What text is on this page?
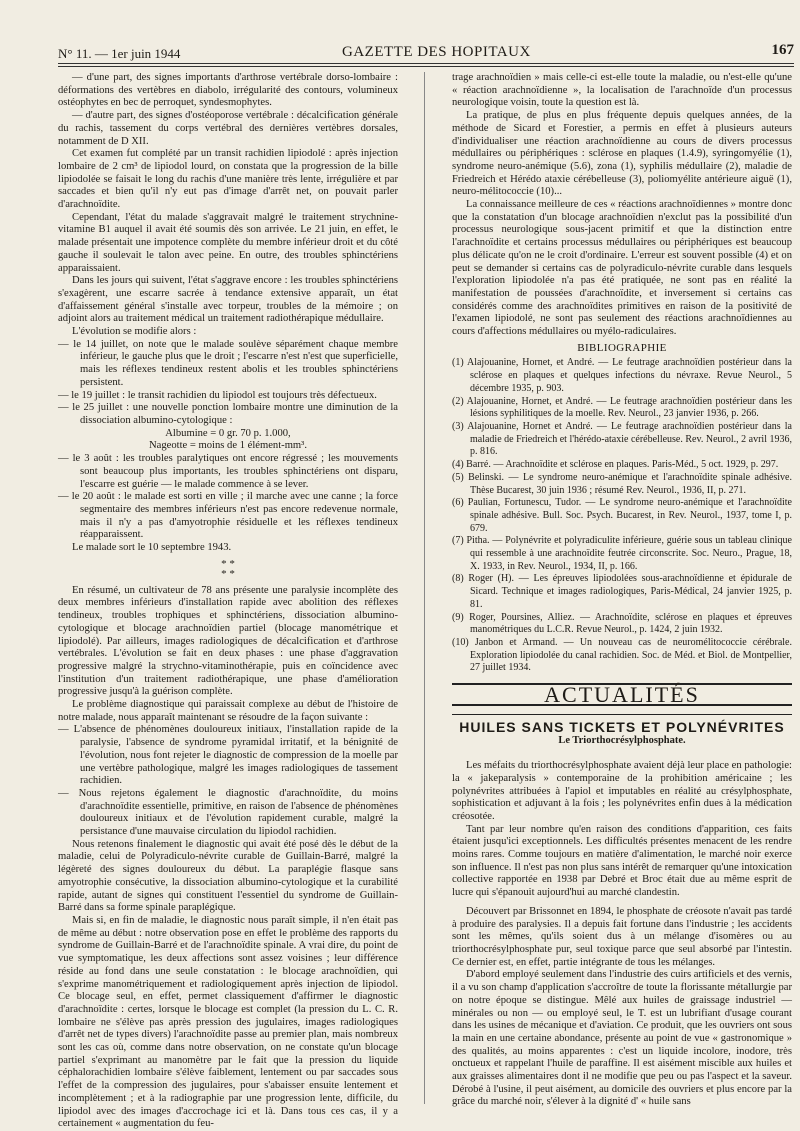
N° 11. — 1er juin 1944	GAZETTE DES HOPITAUX	167

— d'une part, des signes importants d'arthrose vertébrale dorso-lombaire : déformations des vertèbres en diabolo, irrégularité des contours, volumineux ostéophytes en bec de perroquet, syndesmophytes.

— d'autre part, des signes d'ostéoporose vertébrale : décalcification générale du rachis, tassement du corps vertébral des dernières vertèbres dorsales, notamment de D XII.

Cet examen fut complété par un transit rachidien lipiodolé : après injection lombaire de 2 cm³ de lipiodol lourd, on constata que la progression de la bille lipiodolée se faisait le long du rachis d'une manière très lente, irrégulière et par saccades et bien qu'il n'y eut pas d'image d'arrêt net, on pouvait parler d'arachnoïdite.

Cependant, l'état du malade s'aggravait malgré le traitement strychnine-vitamine B1 auquel il avait été soumis dès son arrivée. Le 21 juin, en effet, le malade présentait une impotence complète du membre inférieur droit et du côté gauche il soulevait le talon avec peine. En outre, des troubles sphinctériens apparaissaient.

Dans les jours qui suivent, l'état s'aggrave encore : les troubles sphinctériens s'exagèrent, une escarre sacrée à tendance extensive apparaît, un état d'affaissement général s'installe avec torpeur, troubles de la mémoire ; on adjoint alors au traitement médical un traitement radiothérapique médullaire.

L'évolution se modifie alors :

— le 14 juillet, on note que le malade soulève séparément chaque membre inférieur, le gauche plus que le droit ; l'escarre n'est n'est que superficielle, mais les réflexes tendineux restent abolis et les troubles sphinctériens persistent.

— le 19 juillet : le transit rachidien du lipiodol est toujours très défectueux.

— le 25 juillet : une nouvelle ponction lombaire montre une diminution de la dissociation albumino-cytologique :

Albumine = 0 gr. 70 p. 1.000,

Nageotte = moins de 1 élément-mm³.

— le 3 août : les troubles paralytiques ont encore régressé ; les mouvements sont beaucoup plus importants, les troubles sphinctériens ont disparu, l'escarre est guérie — le malade commence à se lever.

— le 20 août : le malade est sorti en ville ; il marche avec une canne ; la force segmentaire des membres inférieurs n'est pas encore redevenue normale, mais il n'y a pas d'amyotrophie résiduelle et les réflexes tendineux réapparaissent.

Le malade sort le 10 septembre 1943.

* *
* *

En résumé, un cultivateur de 78 ans présente une paralysie incomplète des deux membres inférieurs d'installation rapide avec abolition des réflexes tendineux, troubles trophiques et sphinctériens, dissociation albumino-cytologique et blocage arachnoïdien partiel (blocage manométrique et lipiodolé). Par ailleurs, images radiologiques de décalcification et d'arthrose vertébrales. L'évolution se fait en deux phases : une phase d'aggravation progressive malgré la strychno-vitaminothérapie, puis en coïncidence avec l'institution d'un traitement radiothérapique, une phase d'amélioration progressive jusqu'à la guérison complète.

Le problème diagnostique qui paraissait complexe au début de l'histoire de notre malade, nous apparaît maintenant se résoudre de la façon suivante :

— L'absence de phénomènes douloureux initiaux, l'installation rapide de la paralysie, l'absence de syndrome pyramidal irritatif, et la bénignité de l'évolution, nous font rejeter le diagnostic de compression de la moelle par une vertèbre pathologique, malgré les images radiologiques de tassement rachidien.

— Nous rejetons également le diagnostic d'arachnoïdite, du moins d'arachnoïdite essentielle, primitive, en raison de l'absence de phénomènes douloureux initiaux et de l'évolution rapidement curable, malgré la persistance d'une mauvaise circulation du lipiodol rachidien.

Nous retenons finalement le diagnostic qui avait été posé dès le début de la maladie, celui de Polyradiculo-névrite curable de Guillain-Barré, malgré la légèreté des signes douloureux du début. La paraplégie flasque sans amyotrophie consécutive, la dissociation albumino-cytologique et la curabilité rapide, autant de signes qui constituent l'essentiel du syndrome de Guillain-Barré dans sa forme spinale paraplégique.

Mais si, en fin de maladie, le diagnostic nous paraît simple, il n'en était pas de même au début : notre observation pose en effet le problème des rapports du syndrome de Guillain-Barré et de l'arachnoïdite spinale. A vrai dire, du point de vue symptomatique, les deux affections sont assez voisines ; leur différence réside au fond dans une seule constatation : le blocage arachnoïdien, qui s'exprime manométriquement et radiologiquement après injection de lipiodol. Ce blocage seul, en effet, permet classiquement d'affirmer le diagnostic d'arachnoïdite : certes, lorsque le blocage est complet (la pression du L. C. R. lombaire ne s'élève pas après pression des jugulaires, images radiologiques d'arrêt net de types divers) l'arachnoïdite passe au premier plan, mais nombreux sont les cas où, comme dans notre observation, on ne constate qu'un blocage partiel s'exprimant au manomètre par le fait que la pression du liquide céphalorachidien lombaire s'élève faiblement, lentement ou par saccades sous l'effet de la compression des jugulaires, pour s'abaisser ensuite lentement et incomplètement ; et à la radiographie par une progression lente, difficile, du lipiodol avec des images d'accrochage ici et là. Dans tous ces cas, il y a certainement « augmentation du feu-

trage arachnoïdien » mais celle-ci est-elle toute la maladie, ou n'est-elle qu'une « réaction arachnoïdienne », la localisation de l'arachnoïde d'un processus neurologique voisin, toute la question est là.

La pratique, de plus en plus fréquente depuis quelques années, de la méthode de Sicard et Forestier, a permis en effet à plusieurs auteurs d'individualiser une réaction arachnoïdienne au cours de divers processus médullaires ou périphériques : sclérose en plaques (1.4.9), syringomyélie (1), syndrome neuro-anémique (5.6), zona (1), syphilis médullaire (2), maladie de Friedreich et Hérédo ataxie cérébelleuse (3), poliomyélite antérieure aiguë (1), neuro-mélitococcie (10)...

La connaissance meilleure de ces « réactions arachnoïdiennes » montre donc que la constatation d'un blocage arachnoïdien n'exclut pas la possibilité d'un processus neurologique sous-jacent primitif et que la distinction entre l'arachnoïdite et certains processus médullaires ou périphériques est beaucoup plus délicate qu'on ne le croit d'ordinaire. L'erreur est souvent possible (4) et on peut se demander si certains cas de polyradiculo-névrite curable dans lesquels l'exploration lipiodolée n'a pas été pratiquée, ne sont pas en réalité la manifestation de poussées d'arachnoïdite, et inversement si certains cas considérés comme des arachnoïdites primitives en raison de la positivité de l'examen lipiodolé, ne sont pas seulement des réactions arachnoïdiennes au cours d'affections médullaires ou myélo-radiculaires.

BIBLIOGRAPHIE

(1) Alajouanine, Hornet, et André. — Le feutrage arachnoïdien postérieur dans la sclérose en plaques et quelques infections du névraxe. Revue Neurol., 5 décembre 1935, p. 903.

(2) Alajouanine, Hornet, et André. — Le feutrage arachnoïdien postérieur dans les lésions syphilitiques de la moelle. Rev. Neurol., 23 janvier 1936, p. 266.

(3) Alajouanine, Hornet et André. — Le feutrage arachnoïdien postérieur dans la maladie de Friedreich et l'hérédo-ataxie cérébelleuse. Rev. Neurol., 2 avril 1936, p. 816.

(4) Barré. — Arachnoïdite et sclérose en plaques. Paris-Méd., 5 oct. 1929, p. 297.

(5) Belinski. — Le syndrome neuro-anémique et l'arachnoïdite spinale adhésive. Thèse Bucarest, 30 juin 1936 ; résumé Rev. Neurol., 1936, II, p. 271.

(6) Paulian, Fortunescu, Tudor. — Le syndrome neuro-anémique et l'arachnoïdite spinale adhésive. Bull. Soc. Psych. Bucarest, in Rev. Neurol., 1937, tome I, p. 679.

(7) Pitha. — Polynévrite et polyradiculite inférieure, guérie sous un tableau clinique qui ressemble à une arachnoïdite feutrée circonscrite. Soc. Neuro., Prague, 18, X. 1933, in Rev. Neurol., 1934, II, p. 166.

(8) Roger (H). — Les épreuves lipiodolées sous-arachnoïdienne et épidurale de Sicard. Technique et images radiologiques, Paris-Médical, 24 janvier 1925, p. 81.

(9) Roger, Poursines, Alliez. — Arachnoïdite, sclérose en plaques et épreuves manométriques du L.C.R. Revue Neurol., p. 1424, 2 juin 1932.

(10) Janbon et Armand. — Un nouveau cas de neuromélitococcie cérébrale. Exploration lipiodolée du canal rachidien. Soc. de Méd. et Biol. de Montpellier, 27 juillet 1934.

ACTUALITÉS
HUILES SANS TICKETS ET POLYNÉVRITES
Le Triorthocrésylphosphate.

Les méfaits du triorthocrésylphosphate avaient déjà leur place en pathologie: la « jakeparalysis » contemporaine de la prohibition américaine ; les polynévrites attribuées à l'apiol et imputables en réalité au crésylphosphate, sophistication et adjuvant à la fois ; les polynévrites enfin dues à la médication créosotée.

Tant par leur nombre qu'en raison des conditions d'apparition, ces faits étaient jusqu'ici exceptionnels. Les difficultés présentes menacent de les rendre moins rares. Comme toujours en matière d'alimentation, le marché noir exerce son influence. Il n'est pas non plus sans intérêt de remarquer qu'une intoxication collective rapportée en 1938 par Debré et Broc était due au même esprit de lucre qui s'épanouit aujourd'hui au marché clandestin.

Découvert par Brissonnet en 1894, le phosphate de créosote n'avait pas tardé à produire des paralysies. Il a depuis fait fortune dans l'industrie ; les accidents sont les mêmes, qu'ils soient dus à un mélange d'isomères ou au triorthocrésylphosphate pur, seul toxique parce que seul absorbé par l'intestin. Ce dernier est, en effet, partie intégrante de tous les mélanges.

D'abord employé seulement dans l'industrie des cuirs artificiels et des vernis, il a vu son champ d'application s'accroître de toute la florissante métallurgie par on notre époque se distingue. Mêlé aux huiles de graissage industriel — minérales ou non — ou employé seul, le T. est un lubrifiant d'usage courant dans les usines de mécanique et d'aviation. Ce produit, que les ouvriers ont sous la main en une certaine abondance, présente au point de vue « gastronomique » des qualités, au moins apparentes : c'est un liquide incolore, inodore, très onctueux et rappelant l'huile de paraffine. Il est aisément miscible aux huiles et aux graisses alimentaires dont il ne modifie que peu ou pas l'aspect et la saveur. Dérobé à l'usine, il peut aisément, au domicile des ouvriers et plus encore par la grâce du marché noir, s'élever à la dignité d' « huile sans
